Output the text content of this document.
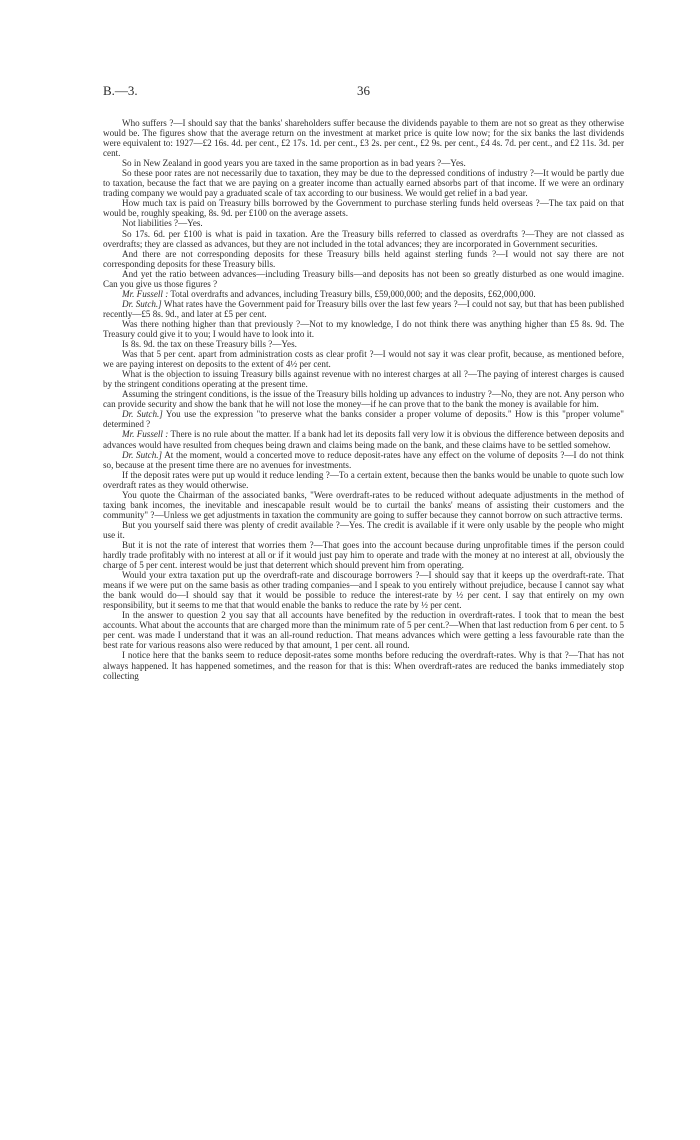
B.—3.	36

Who suffers ?—I should say that the banks' shareholders suffer because the dividends payable to them are not so great as they otherwise would be. The figures show that the average return on the investment at market price is quite low now; for the six banks the last dividends were equivalent to: 1927—£2 16s. 4d. per cent., £2 17s. 1d. per cent., £3 2s. per cent., £2 9s. per cent., £4 4s. 7d. per cent., and £2 11s. 3d. per cent.

So in New Zealand in good years you are taxed in the same proportion as in bad years ?—Yes.

So these poor rates are not necessarily due to taxation, they may be due to the depressed conditions of industry ?—It would be partly due to taxation, because the fact that we are paying on a greater income than actually earned absorbs part of that income. If we were an ordinary trading company we would pay a graduated scale of tax according to our business. We would get relief in a bad year.

How much tax is paid on Treasury bills borrowed by the Government to purchase sterling funds held overseas ?—The tax paid on that would be, roughly speaking, 8s. 9d. per £100 on the average assets.

Not liabilities ?—Yes.

So 17s. 6d. per £100 is what is paid in taxation. Are the Treasury bills referred to classed as overdrafts ?—They are not classed as overdrafts; they are classed as advances, but they are not included in the total advances; they are incorporated in Government securities.

And there are not corresponding deposits for these Treasury bills held against sterling funds ?—I would not say there are not corresponding deposits for these Treasury bills.

And yet the ratio between advances—including Treasury bills—and deposits has not been so greatly disturbed as one would imagine. Can you give us those figures ?

Mr. Fussell : Total overdrafts and advances, including Treasury bills, £59,000,000; and the deposits, £62,000,000.

Dr. Sutch.] What rates have the Government paid for Treasury bills over the last few years ?—I could not say, but that has been published recently—£5 8s. 9d., and later at £5 per cent.

Was there nothing higher than that previously ?—Not to my knowledge, I do not think there was anything higher than £5 8s. 9d. The Treasury could give it to you; I would have to look into it.

Is 8s. 9d. the tax on these Treasury bills ?—Yes.

Was that 5 per cent. apart from administration costs as clear profit ?—I would not say it was clear profit, because, as mentioned before, we are paying interest on deposits to the extent of 4½ per cent.

What is the objection to issuing Treasury bills against revenue with no interest charges at all ?—The paying of interest charges is caused by the stringent conditions operating at the present time.

Assuming the stringent conditions, is the issue of the Treasury bills holding up advances to industry ?—No, they are not. Any person who can provide security and show the bank that he will not lose the money—if he can prove that to the bank the money is available for him.

Dr. Sutch.] You use the expression "to preserve what the banks consider a proper volume of deposits." How is this "proper volume" determined ?

Mr. Fussell : There is no rule about the matter. If a bank had let its deposits fall very low it is obvious the difference between deposits and advances would have resulted from cheques being drawn and claims being made on the bank, and these claims have to be settled somehow.

Dr. Sutch.] At the moment, would a concerted move to reduce deposit-rates have any effect on the volume of deposits ?—I do not think so, because at the present time there are no avenues for investments.

If the deposit rates were put up would it reduce lending ?—To a certain extent, because then the banks would be unable to quote such low overdraft rates as they would otherwise.

You quote the Chairman of the associated banks, "Were overdraft-rates to be reduced without adequate adjustments in the method of taxing bank incomes, the inevitable and inescapable result would be to curtail the banks' means of assisting their customers and the community" ?—Unless we get adjustments in taxation the community are going to suffer because they cannot borrow on such attractive terms.

But you yourself said there was plenty of credit available ?—Yes. The credit is available if it were only usable by the people who might use it.

But it is not the rate of interest that worries them ?—That goes into the account because during unprofitable times if the person could hardly trade profitably with no interest at all or if it would just pay him to operate and trade with the money at no interest at all, obviously the charge of 5 per cent. interest would be just that deterrent which should prevent him from operating.

Would your extra taxation put up the overdraft-rate and discourage borrowers ?—I should say that it keeps up the overdraft-rate. That means if we were put on the same basis as other trading companies—and I speak to you entirely without prejudice, because I cannot say what the bank would do—I should say that it would be possible to reduce the interest-rate by ½ per cent. I say that entirely on my own responsibility, but it seems to me that that would enable the banks to reduce the rate by ½ per cent.

In the answer to question 2 you say that all accounts have benefited by the reduction in overdraft-rates. I took that to mean the best accounts. What about the accounts that are charged more than the minimum rate of 5 per cent.?—When that last reduction from 6 per cent. to 5 per cent. was made I understand that it was an all-round reduction. That means advances which were getting a less favourable rate than the best rate for various reasons also were reduced by that amount, 1 per cent. all round.

I notice here that the banks seem to reduce deposit-rates some months before reducing the overdraft-rates. Why is that ?—That has not always happened. It has happened sometimes, and the reason for that is this: When overdraft-rates are reduced the banks immediately stop collecting
